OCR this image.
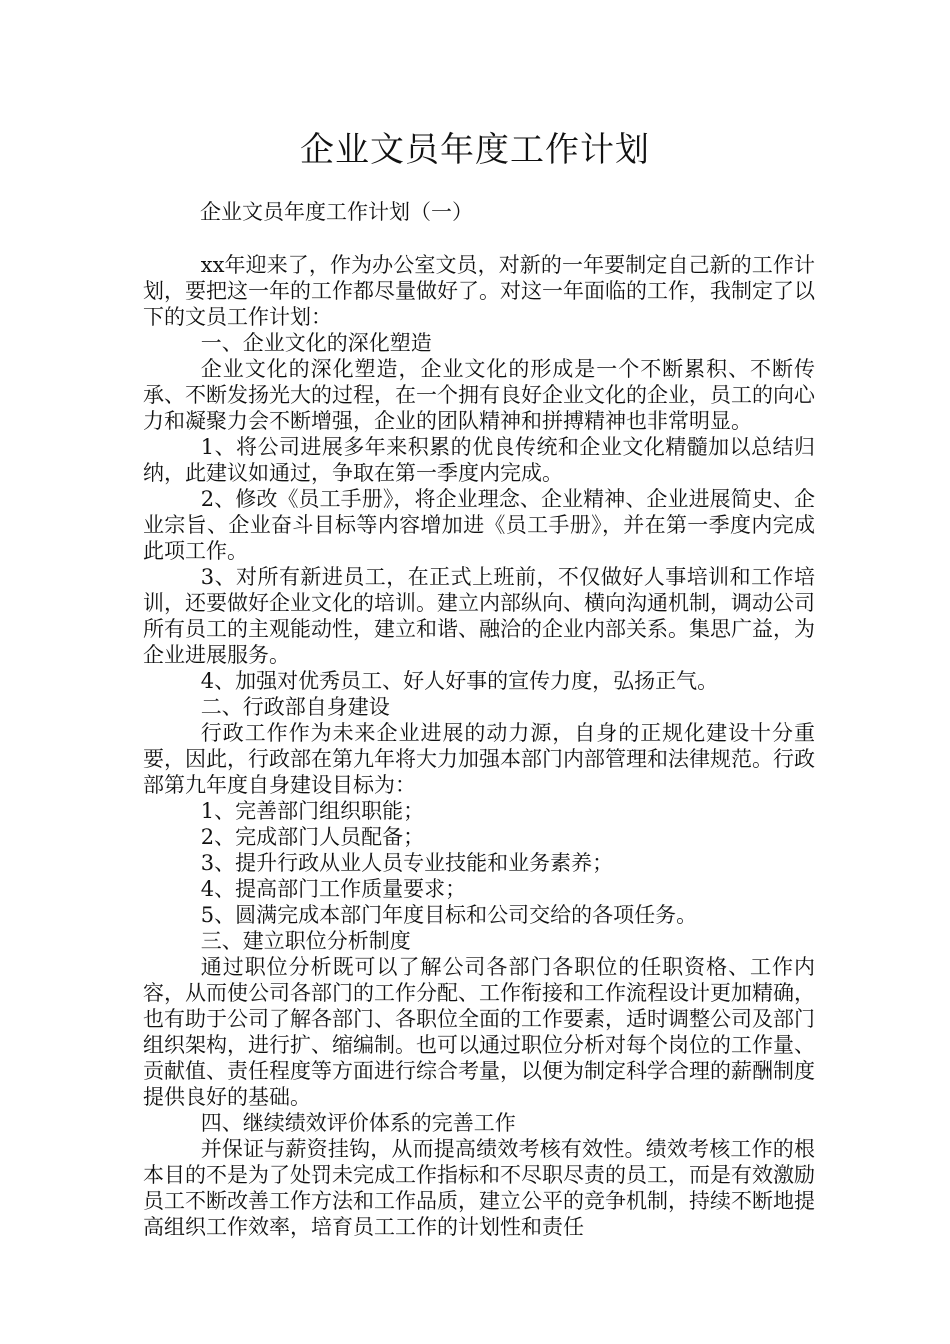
企业文员年度工作计划
企业文员年度工作计划（一）

xx年迎来了，作为办公室文员，对新的一年要制定自己新的工作计划，要把这一年的工作都尽量做好了。对这一年面临的工作，我制定了以下的文员工作计划：

一、企业文化的深化塑造

企业文化的深化塑造，企业文化的形成是一个不断累积、不断传承、不断发扬光大的过程，在一个拥有良好企业文化的企业，员工的向心力和凝聚力会不断增强，企业的团队精神和拼搏精神也非常明显。

1、将公司进展多年来积累的优良传统和企业文化精髓加以总结归纳，此建议如通过，争取在第一季度内完成。

2、修改《员工手册》，将企业理念、企业精神、企业进展简史、企业宗旨、企业奋斗目标等内容增加进《员工手册》，并在第一季度内完成此项工作。

3、对所有新进员工，在正式上班前，不仅做好人事培训和工作培训，还要做好企业文化的培训。建立内部纵向、横向沟通机制，调动公司所有员工的主观能动性，建立和谐、融洽的企业内部关系。集思广益，为企业进展服务。

4、加强对优秀员工、好人好事的宣传力度，弘扬正气。

二、行政部自身建设

行政工作作为未来企业进展的动力源，自身的正规化建设十分重要，因此，行政部在第九年将大力加强本部门内部管理和法律规范。行政部第九年度自身建设目标为：

1、完善部门组织职能；

2、完成部门人员配备；

3、提升行政从业人员专业技能和业务素养；

4、提高部门工作质量要求；

5、圆满完成本部门年度目标和公司交给的各项任务。

三、建立职位分析制度

通过职位分析既可以了解公司各部门各职位的任职资格、工作内容，从而使公司各部门的工作分配、工作衔接和工作流程设计更加精确，也有助于公司了解各部门、各职位全面的工作要素，适时调整公司及部门组织架构，进行扩、缩编制。也可以通过职位分析对每个岗位的工作量、贡献值、责任程度等方面进行综合考量，以便为制定科学合理的薪酬制度提供良好的基础。

四、继续绩效评价体系的完善工作

并保证与薪资挂钩，从而提高绩效考核有效性。绩效考核工作的根本目的不是为了处罚未完成工作指标和不尽职尽责的员工，而是有效激励员工不断改善工作方法和工作品质，建立公平的竞争机制，持续不断地提高组织工作效率，培育员工工作的计划性和责任
